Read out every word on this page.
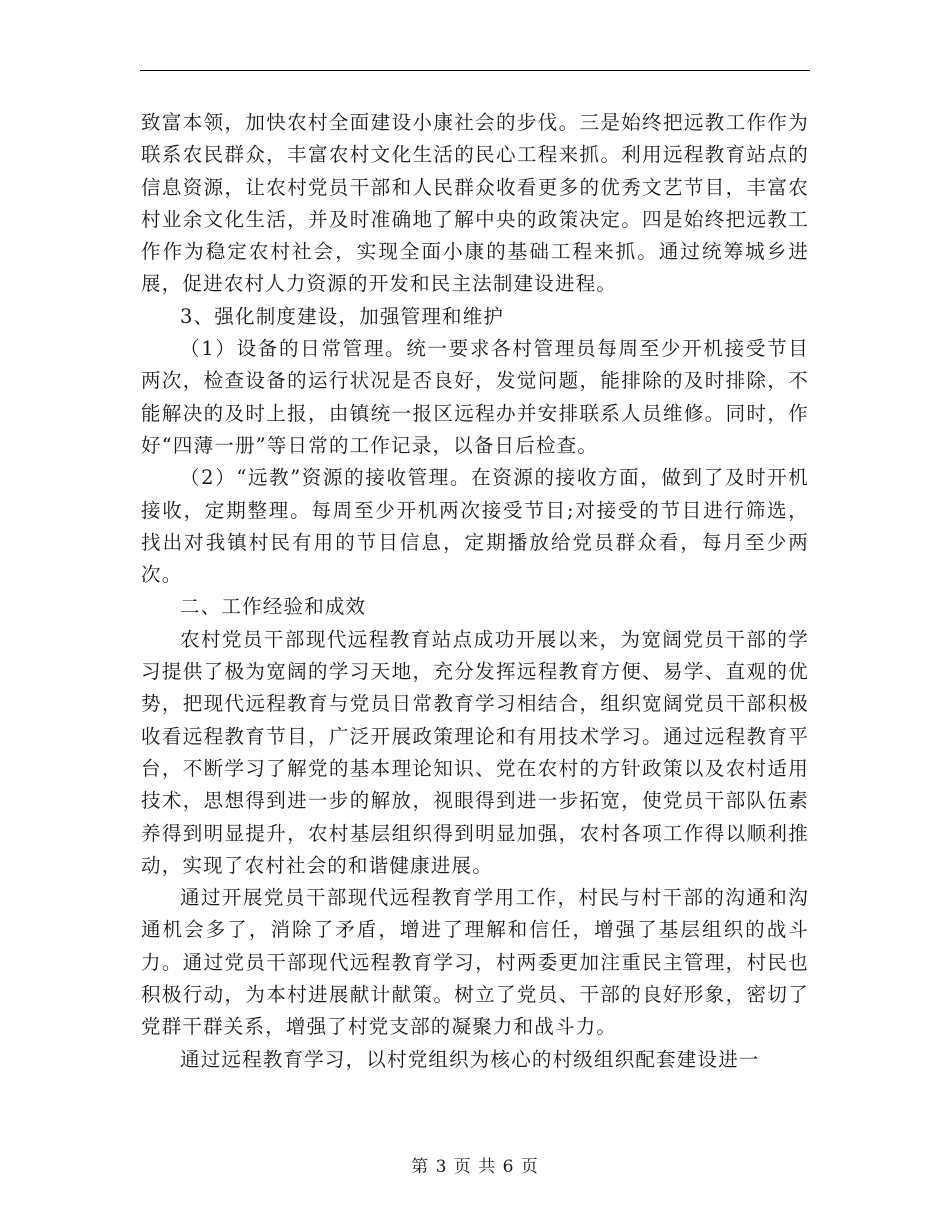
致富本领，加快农村全面建设小康社会的步伐。三是始终把远教工作作为联系农民群众，丰富农村文化生活的民心工程来抓。利用远程教育站点的信息资源，让农村党员干部和人民群众收看更多的优秀文艺节目，丰富农村业余文化生活，并及时准确地了解中央的政策决定。四是始终把远教工作作为稳定农村社会，实现全面小康的基础工程来抓。通过统筹城乡进展，促进农村人力资源的开发和民主法制建设进程。

3、强化制度建设，加强管理和维护

（1）设备的日常管理。统一要求各村管理员每周至少开机接受节目两次，检查设备的运行状况是否良好，发觉问题，能排除的及时排除，不能解决的及时上报，由镇统一报区远程办并安排联系人员维修。同时，作好“四薄一册”等日常的工作记录，以备日后检查。

（2）“远教”资源的接收管理。在资源的接收方面，做到了及时开机接收，定期整理。每周至少开机两次接受节目;对接受的节目进行筛选，找出对我镇村民有用的节目信息，定期播放给党员群众看，每月至少两次。

二、工作经验和成效

农村党员干部现代远程教育站点成功开展以来，为宽阔党员干部的学习提供了极为宽阔的学习天地，充分发挥远程教育方便、易学、直观的优势，把现代远程教育与党员日常教育学习相结合，组织宽阔党员干部积极收看远程教育节目，广泛开展政策理论和有用技术学习。通过远程教育平台，不断学习了解党的基本理论知识、党在农村的方针政策以及农村适用技术，思想得到进一步的解放，视眼得到进一步拓宽，使党员干部队伍素养得到明显提升，农村基层组织得到明显加强，农村各项工作得以顺利推动，实现了农村社会的和谐健康进展。

通过开展党员干部现代远程教育学用工作，村民与村干部的沟通和沟通机会多了，消除了矛盾，增进了理解和信任，增强了基层组织的战斗力。通过党员干部现代远程教育学习，村两委更加注重民主管理，村民也积极行动，为本村进展献计献策。树立了党员、干部的良好形象，密切了党群干群关系，增强了村党支部的凝聚力和战斗力。

通过远程教育学习，以村党组织为核心的村级组织配套建设进一

第 3 页 共 6 页
